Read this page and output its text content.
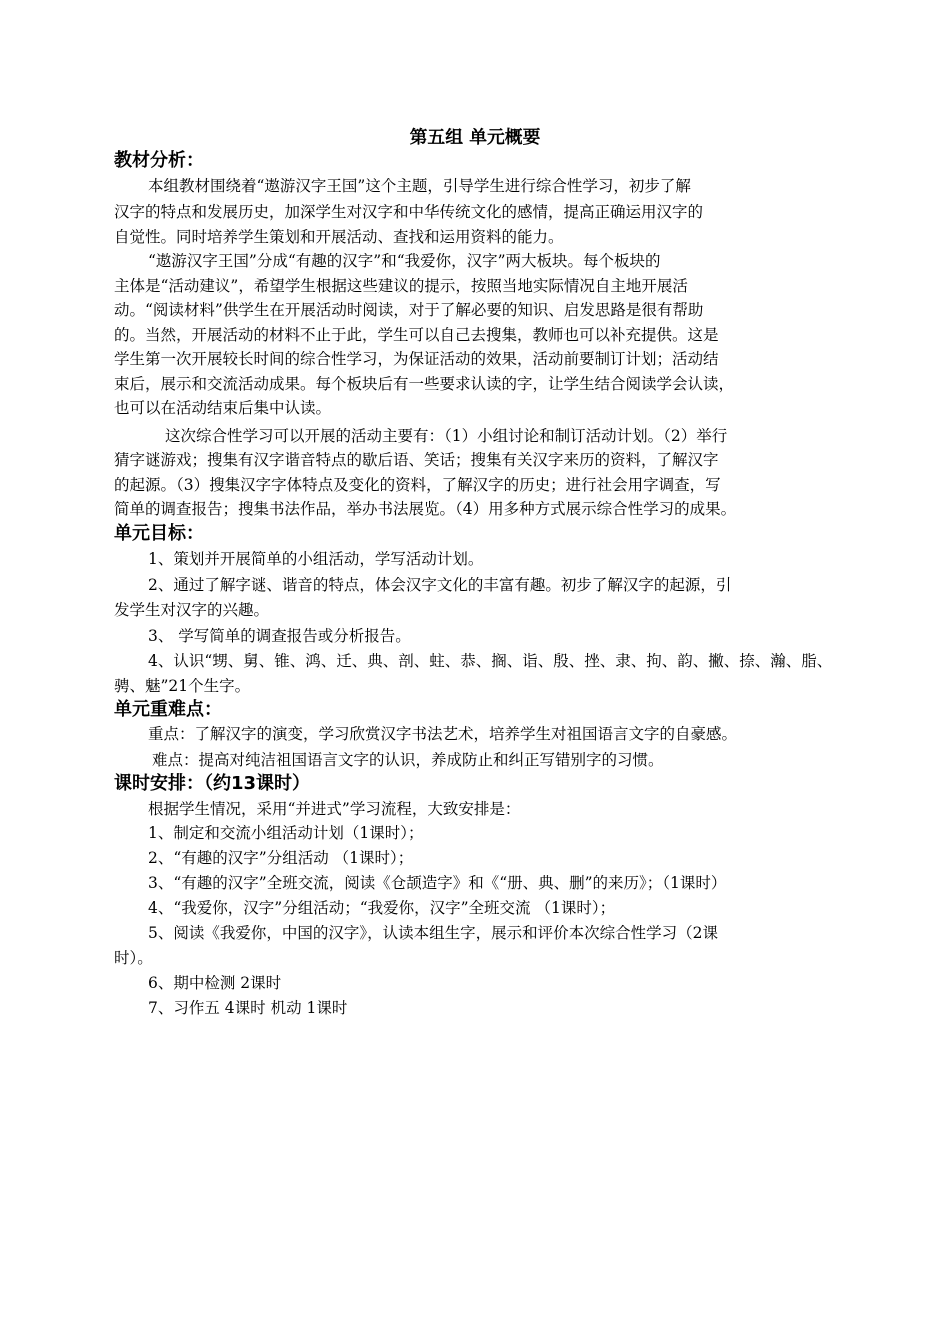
第五组 单元概要
教材分析：
本组教材围绕着“遨游汉字王国”这个主题，引导学生进行综合性学习，初步了解
汉字的特点和发展历史，加深学生对汉字和中华传统文化的感情，提高正确运用汉字的
自觉性。同时培养学生策划和开展活动、查找和运用资料的能力。
“遨游汉字王国”分成“有趣的汉字”和“我爱你，汉字”两大板块。每个板块的
主体是“活动建议”，希望学生根据这些建议的提示，按照当地实际情况自主地开展活
动。“阅读材料”供学生在开展活动时阅读，对于了解必要的知识、启发思路是很有帮助
的。当然，开展活动的材料不止于此，学生可以自己去搜集，教师也可以补充提供。这是
学生第一次开展较长时间的综合性学习，为保证活动的效果，活动前要制订计划；活动结
束后，展示和交流活动成果。每个板块后有一些要求认读的字，让学生结合阅读学会认读，
也可以在活动结束后集中认读。
这次综合性学习可以开展的活动主要有：（1）小组讨论和制订活动计划。（2）举行
猜字谜游戏；搜集有汉字谐音特点的歇后语、笑话；搜集有关汉字来历的资料，了解汉字
的起源。（3）搜集汉字字体特点及变化的资料，了解汉字的历史；进行社会用字调查，写
简单的调查报告；搜集书法作品，举办书法展览。（4）用多种方式展示综合性学习的成果。
单元目标：
1、策划并开展简单的小组活动，学写活动计划。
2、通过了解字谜、谐音的特点，体会汉字文化的丰富有趣。初步了解汉字的起源，引
发学生对汉字的兴趣。
3、 学写简单的调查报告或分析报告。
4、认识“甥、舅、锥、鸿、迁、典、剖、蛀、恭、搁、诣、殷、挫、隶、拘、韵、撇、捺、瀚、脂、
骋、魅”21个生字。
单元重难点：
重点：了解汉字的演变，学习欣赏汉字书法艺术，培养学生对祖国语言文字的自豪感。
难点：提高对纯洁祖国语言文字的认识，养成防止和纠正写错别字的习惯。
课时安排：（约13课时）
根据学生情况，采用“并进式”学习流程，大致安排是：
1、制定和交流小组活动计划（1课时）；
2、“有趣的汉字”分组活动 （1课时）；
3、“有趣的汉字”全班交流，阅读《仓颉造字》和《“册、典、删”的来历》；（1课时）
4、“我爱你，汉字”分组活动；“我爱你，汉字”全班交流 （1课时）；
5、阅读《我爱你，中国的汉字》，认读本组生字，展示和评价本次综合性学习（2课
时）。
6、期中检测 2课时
7、习作五 4课时 机动 1课时
